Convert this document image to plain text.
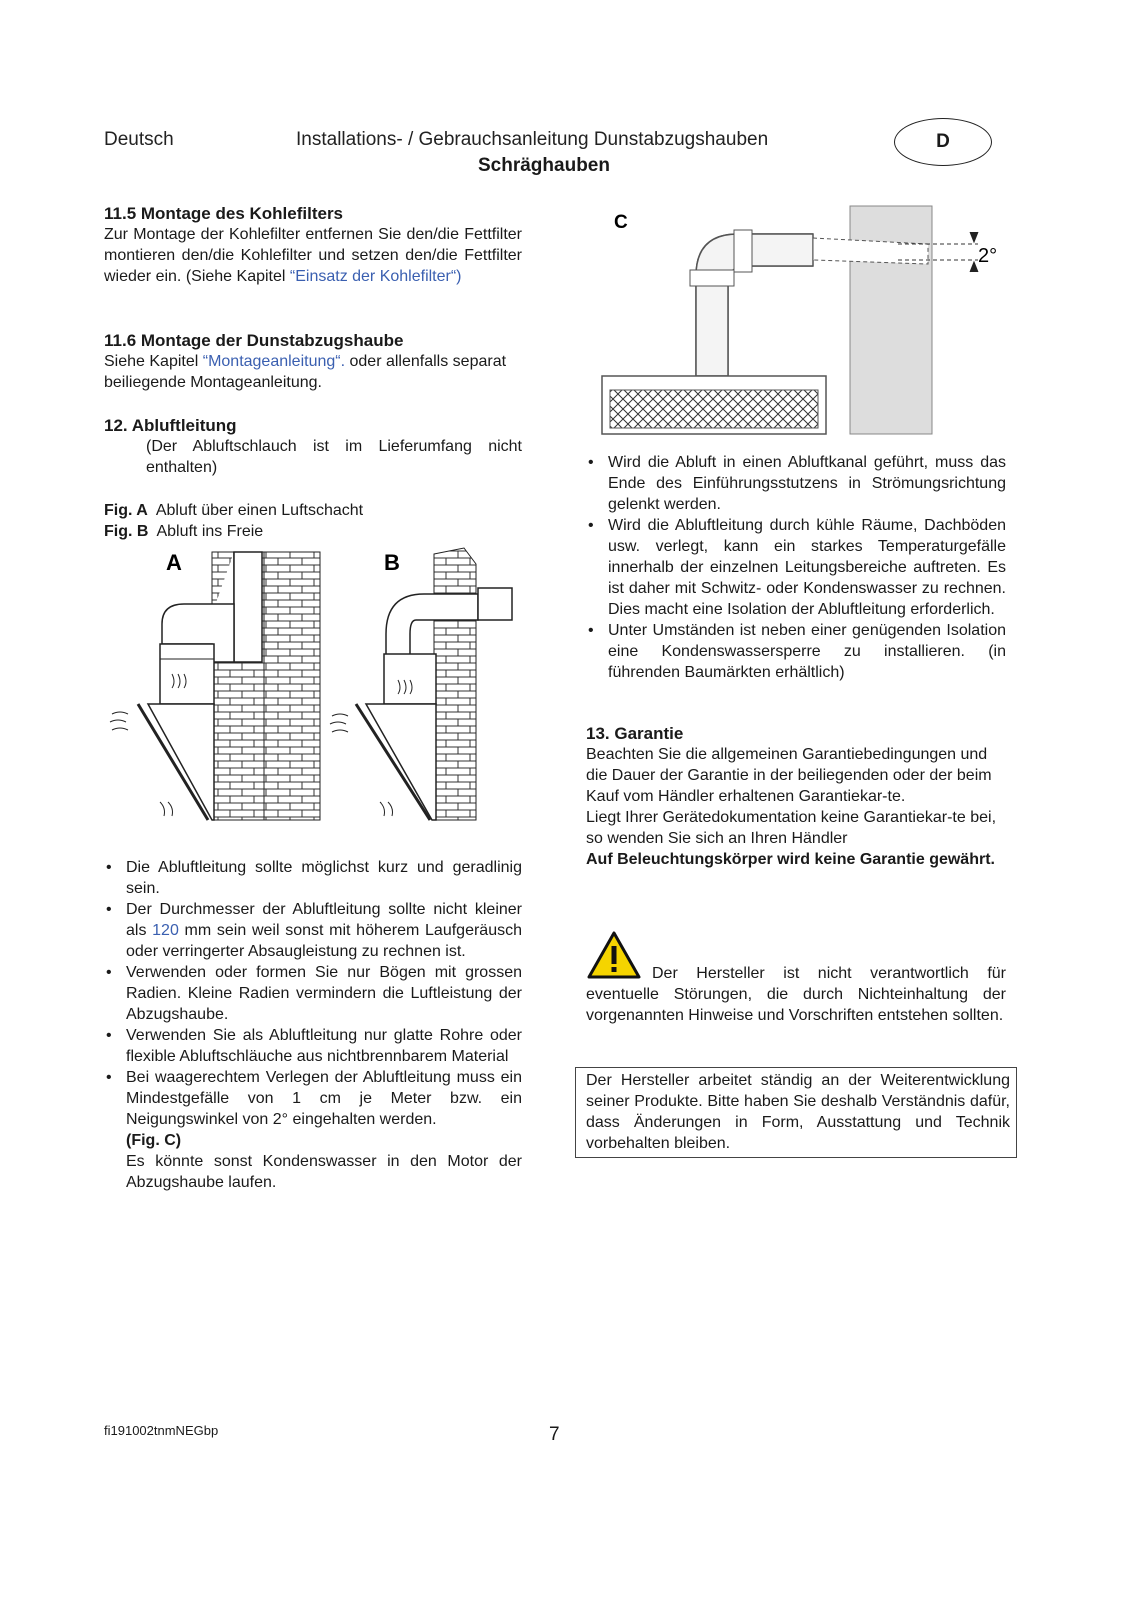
Deutsch	Installations- / Gebrauchsanleitung Dunstabzugshauben
Schräghauben
D
11.5 Montage des Kohlefilters
Zur Montage der Kohlefilter entfernen Sie den/die Fettfilter montieren den/die Kohlefilter und setzen den/die Fettfilter wieder ein. (Siehe Kapitel “Einsatz der Kohlefilter“)
11.6 Montage der Dunstabzugshaube
Siehe Kapitel “Montageanleitung“. oder allenfalls separat beiliegende Montageanleitung.
12. Abluftleitung
(Der Abluftschlauch ist im Lieferumfang nicht enthalten)
Fig. A Abluft über einen Luftschacht
Fig. B Abluft ins Freie
A	B
• Die Abluftleitung sollte möglichst kurz und geradlinig sein.
• Der Durchmesser der Abluftleitung sollte nicht kleiner als 120 mm sein weil sonst mit höherem Laufgeräusch oder verringerter Absaugleistung zu rechnen ist.
• Verwenden oder formen Sie nur Bögen mit grossen Radien. Kleine Radien vermindern die Luftleistung der Abzugshaube.
• Verwenden Sie als Abluftleitung nur glatte Rohre oder flexible Abluftschläuche aus nichtbrennbarem Material
• Bei waagerechtem Verlegen der Abluftleitung muss ein Mindestgefälle von 1 cm je Meter bzw. ein Neigungswinkel von 2° eingehalten werden.
(Fig. C)
Es könnte sonst Kondenswasser in den Motor der Abzugshaube laufen.
C
2°
• Wird die Abluft in einen Abluftkanal geführt, muss das Ende des Einführungsstutzens in Strömungsrichtung gelenkt werden.
• Wird die Abluftleitung durch kühle Räume, Dachböden usw. verlegt, kann ein starkes Temperaturgefälle innerhalb der einzelnen Leitungsbereiche auftreten. Es ist daher mit Schwitz- oder Kondenswasser zu rechnen. Dies macht eine Isolation der Abluftleitung erforderlich.
• Unter Umständen ist neben einer genügenden Isolation eine Kondenswassersperre zu installieren. (in führenden Baumärkten erhältlich)
13. Garantie
Beachten Sie die allgemeinen Garantiebedingungen und die Dauer der Garantie in der beiliegenden oder der beim Kauf vom Händler erhaltenen Garantiekar-te.
Liegt Ihrer Gerätedokumentation keine Garantiekar-te bei, so wenden Sie sich an Ihren Händler
Auf Beleuchtungskörper wird keine Garantie gewährt.
Der Hersteller ist nicht verantwortlich für eventuelle Störungen, die durch Nichteinhaltung der vorgenannten Hinweise und Vorschriften entstehen sollten.
Der Hersteller arbeitet ständig an der Weiterentwicklung seiner Produkte. Bitte haben Sie deshalb Verständnis dafür, dass Änderungen in Form, Ausstattung und Technik vorbehalten bleiben.
fi191002tnmNEGbp	7
